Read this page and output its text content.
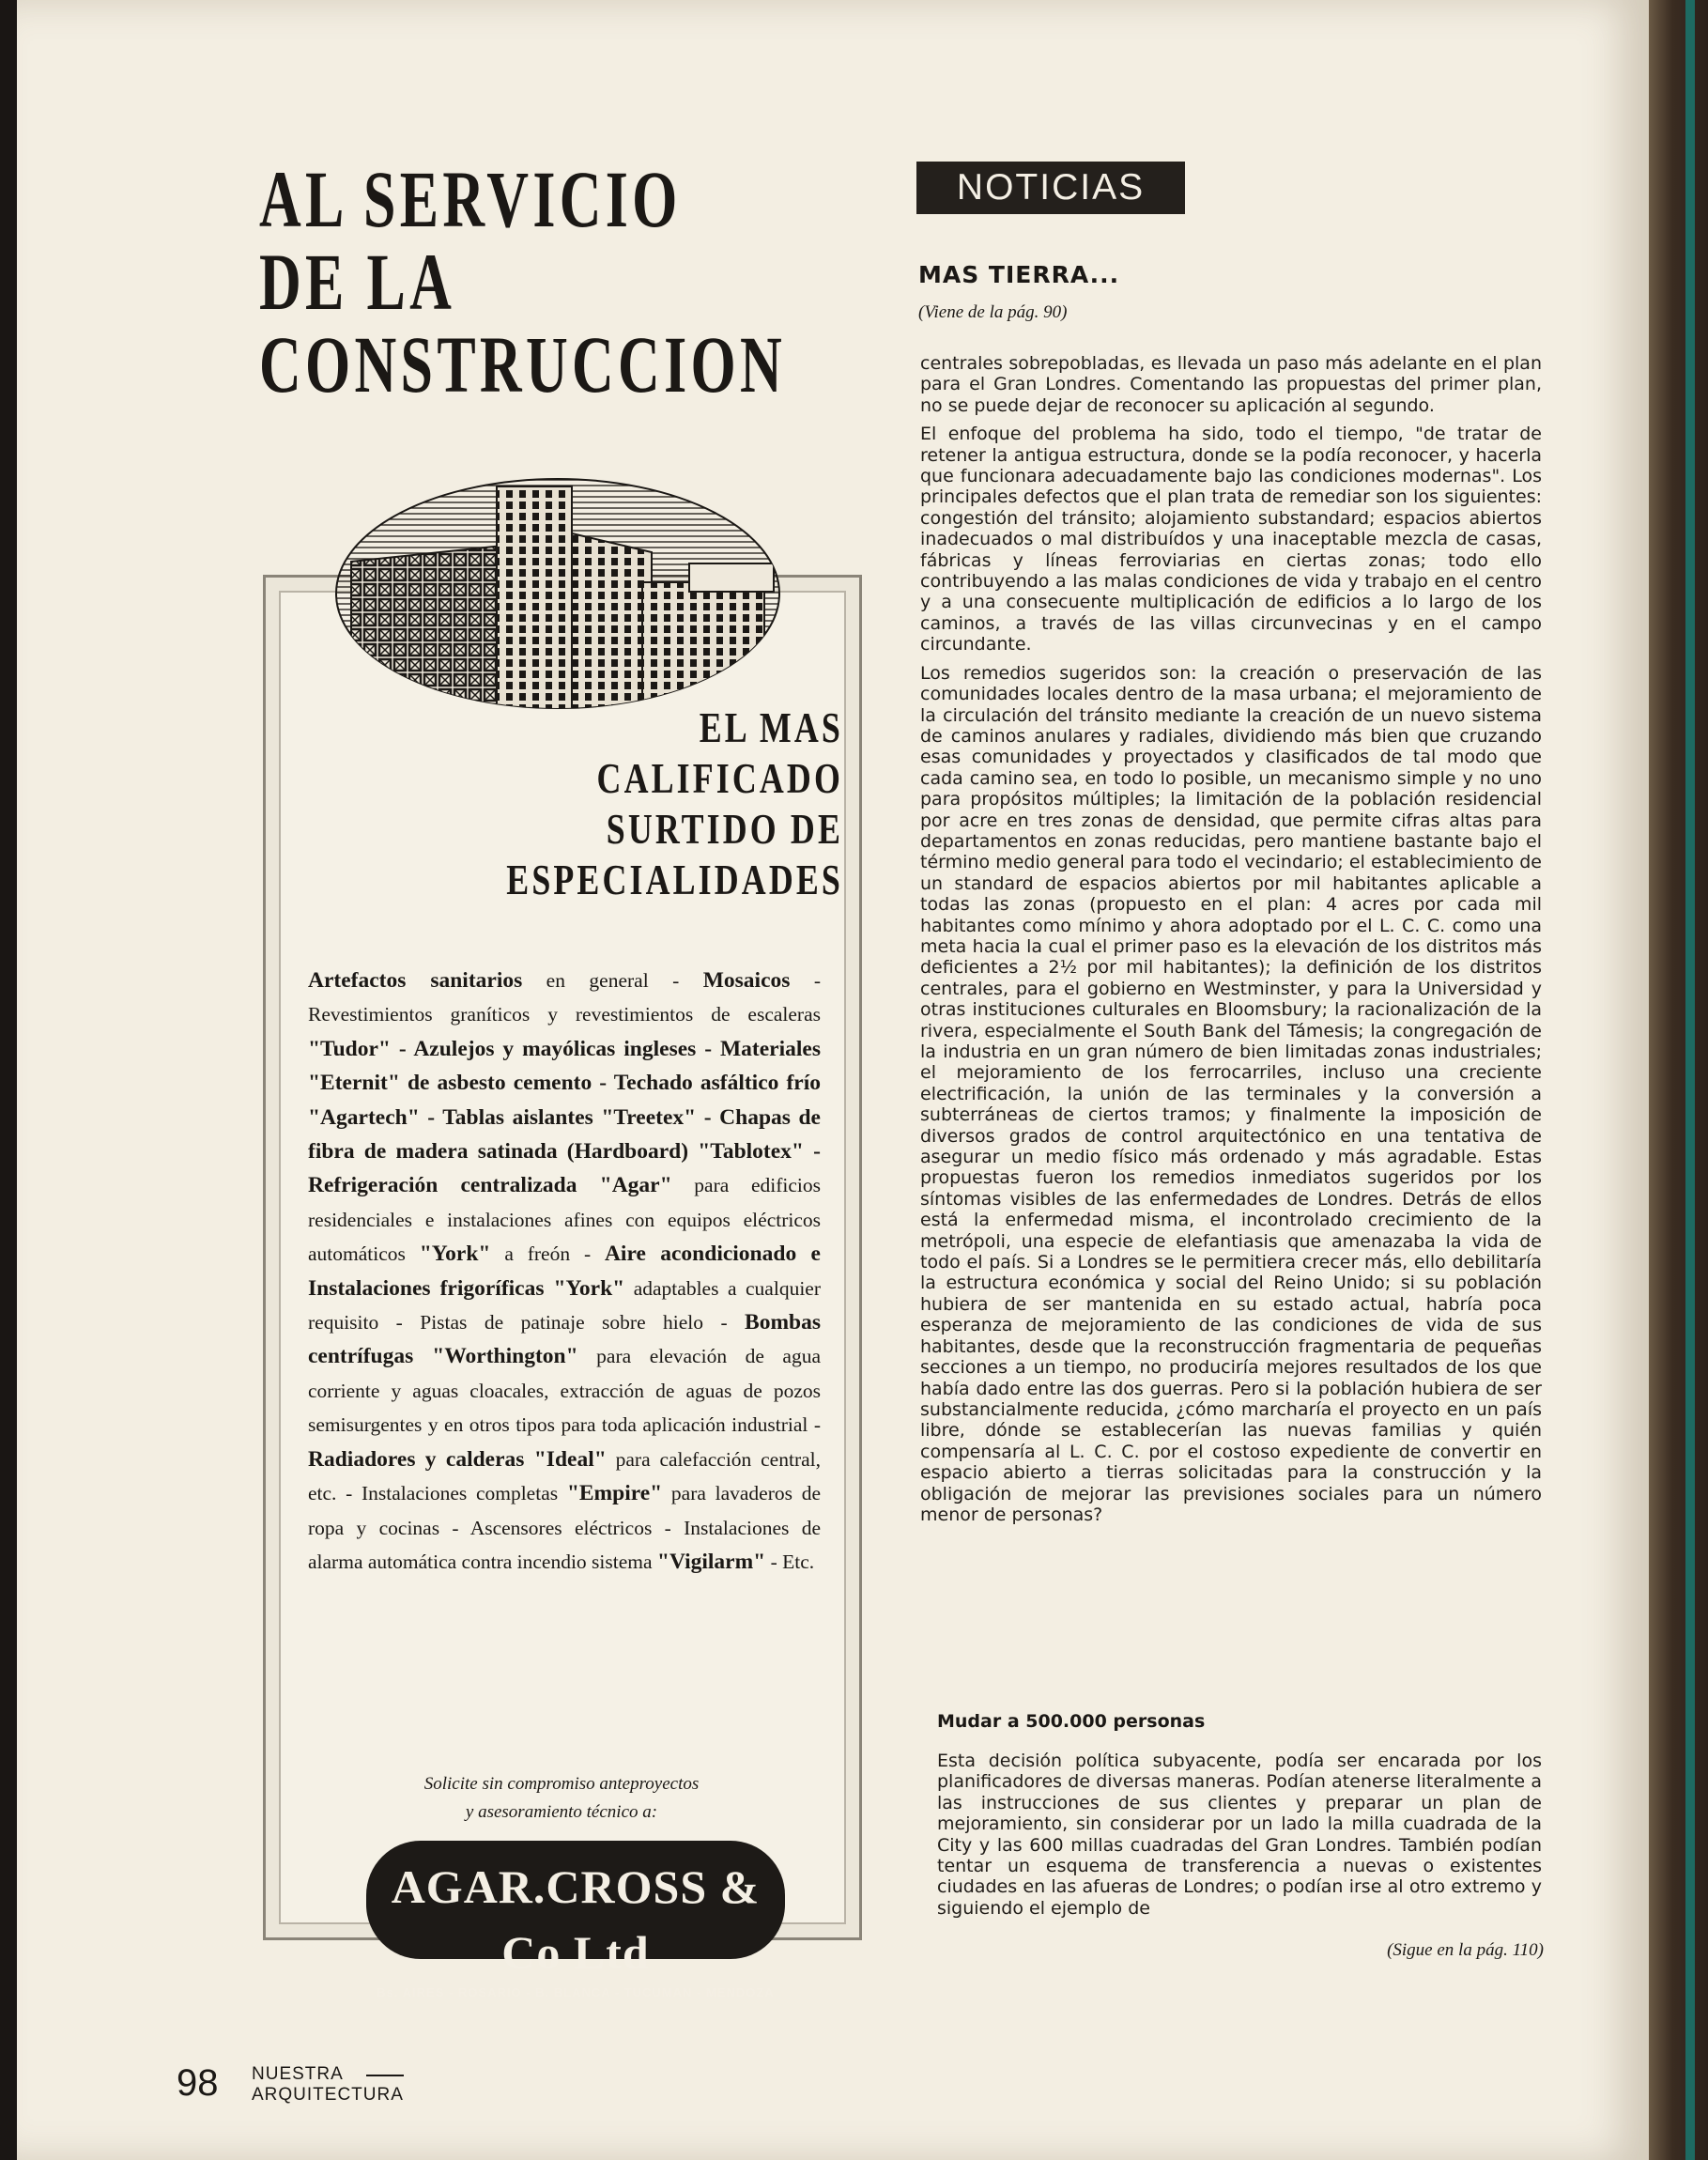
AL SERVICIO
DE LA
CONSTRUCCION
EL MAS
CALIFICADO SURTIDO DE
ESPECIALIDADES
Artefactos sanitarios en general - Mosaicos - Revestimientos graníticos y revestimientos de escaleras "Tudor" - Azulejos y mayólicas ingleses - Materiales "Eternit" de asbesto cemento - Techado asfáltico frío "Agartech" - Tablas aislantes "Treetex" - Chapas de fibra de madera satinada (Hardboard) "Tablotex" - Refrigeración centralizada "Agar" para edificios residenciales e instalaciones afines con equipos eléctricos automáticos "York" a freón - Aire acondicionado e Instalaciones frigoríficas "York" adaptables a cualquier requisito - Pistas de patinaje sobre hielo - Bombas centrífugas "Worthington" para elevación de agua corriente y aguas cloacales, extracción de aguas de pozos semisurgentes y en otros tipos para toda aplicación industrial - Radiadores y calderas "Ideal" para calefacción central, etc. - Instalaciones completas "Empire" para lavaderos de ropa y cocinas - Ascensores eléctricos - Instalaciones de alarma automática contra incendio sistema "Vigilarm" - Etc.
Solicite sin compromiso anteproyectos
y asesoramiento técnico a:
AGAR.CROSS & Co Ltd
Bs. AIRES - ROSARIO - B. BLANCA - TUCUMAN - MENDOZA
NOTICIAS
MAS TIERRA...
(Viene de la pág. 90)

centrales sobrepobladas, es llevada un paso más adelante en el plan para el Gran Londres. Comentando las propuestas del primer plan, no se puede dejar de reconocer su aplicación al segundo.

El enfoque del problema ha sido, todo el tiempo, "de tratar de retener la antigua estructura, donde se la podía reconocer, y hacerla que funcionara adecuadamente bajo las condiciones modernas". Los principales defectos que el plan trata de remediar son los siguientes: congestión del tránsito; alojamiento substandard; espacios abiertos inadecuados o mal distribuídos y una inaceptable mezcla de casas, fábricas y líneas ferroviarias en ciertas zonas; todo ello contribuyendo a las malas condiciones de vida y trabajo en el centro y a una consecuente multiplicación de edificios a lo largo de los caminos, a través de las villas circunvecinas y en el campo circundante.

Los remedios sugeridos son: la creación o preservación de las comunidades locales dentro de la masa urbana; el mejoramiento de la circulación del tránsito mediante la creación de un nuevo sistema de caminos anulares y radiales, dividiendo más bien que cruzando esas comunidades y proyectados y clasificados de tal modo que cada camino sea, en todo lo posible, un mecanismo simple y no uno para propósitos múltiples; la limitación de la población residencial por acre en tres zonas de densidad, que permite cifras altas para departamentos en zonas reducidas, pero mantiene bastante bajo el término medio general para todo el vecindario; el establecimiento de un standard de espacios abiertos por mil habitantes aplicable a todas las zonas (propuesto en el plan: 4 acres por cada mil habitantes como mínimo y ahora adoptado por el L. C. C. como una meta hacia la cual el primer paso es la elevación de los distritos más deficientes a 2½ por mil habitantes); la definición de los distritos centrales, para el gobierno en Westminster, y para la Universidad y otras instituciones culturales en Bloomsbury; la racionalización de la rivera, especialmente el South Bank del Támesis; la congregación de la industria en un gran número de bien limitadas zonas industriales; el mejoramiento de los ferrocarriles, incluso una creciente electrificación, la unión de las terminales y la conversión a subterráneas de ciertos tramos; y finalmente la imposición de diversos grados de control arquitectónico en una tentativa de asegurar un medio físico más ordenado y más agradable. Estas propuestas fueron los remedios inmediatos sugeridos por los síntomas visibles de las enfermedades de Londres. Detrás de ellos está la enfermedad misma, el incontrolado crecimiento de la metrópoli, una especie de elefantiasis que amenazaba la vida de todo el país. Si a Londres se le permitiera crecer más, ello debilitaría la estructura económica y social del Reino Unido; si su población hubiera de ser mantenida en su estado actual, habría poca esperanza de mejoramiento de las condiciones de vida de sus habitantes, desde que la reconstrucción fragmentaria de pequeñas secciones a un tiempo, no produciría mejores resultados de los que había dado entre las dos guerras. Pero si la población hubiera de ser substancialmente reducida, ¿cómo marcharía el proyecto en un país libre, dónde se establecerían las nuevas familias y quién compensaría al L. C. C. por el costoso expediente de convertir en espacio abierto a tierras solicitadas para la construcción y la obligación de mejorar las previsiones sociales para un número menor de personas?

Mudar a 500.000 personas
Esta decisión política subyacente, podía ser encarada por los planificadores de diversas maneras. Podían atenerse literalmente a las instrucciones de sus clientes y preparar un plan de mejoramiento, sin considerar por un lado la milla cuadrada de la City y las 600 millas cuadradas del Gran Londres. También podían tentar un esquema de transferencia a nuevas o existentes ciudades en las afueras de Londres; o podían irse al otro extremo y siguiendo el ejemplo de
(Sigue en la pág. 110)
98 NUESTRA
ARQUITECTURA
